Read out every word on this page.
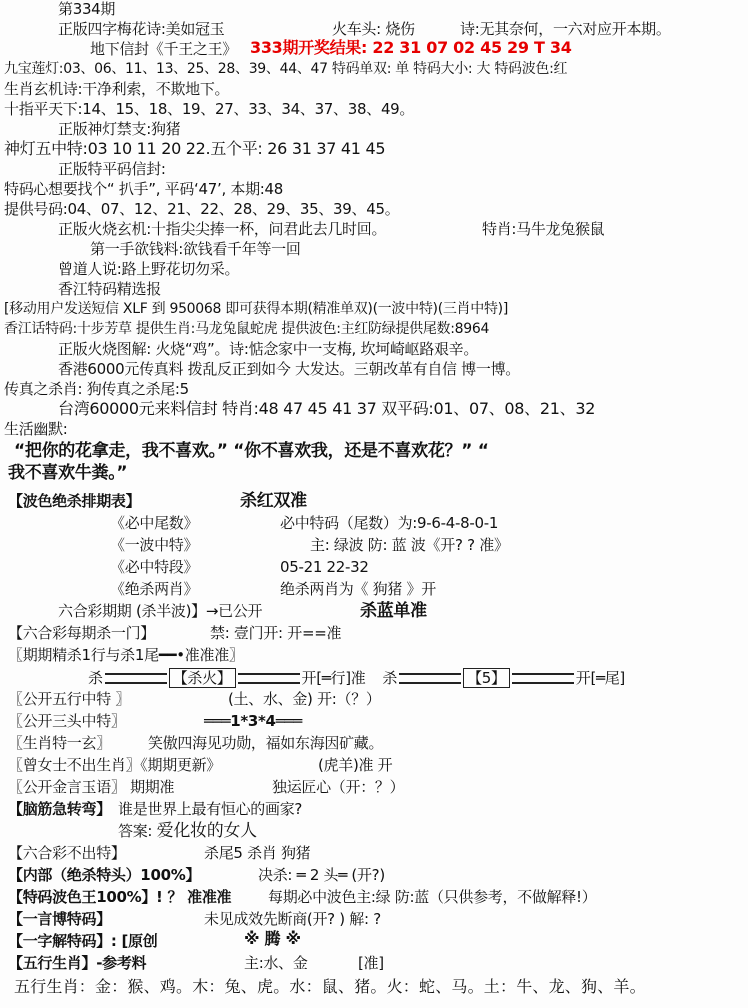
第334期
正版四字梅花诗:美如冠玉	火车头: 烧伤	诗:无其奈何，一六对应开本期。
地下信封《千王之王》 333期开奖结果: 22 31 07 02 45 29 T 34
九宝莲灯:03、06、11、13、25、28、39、44、47 特码单双: 单 特码大小: 大 特码波色:红
生肖玄机诗:干净利索，不欺地下。
十指平天下:14、15、18、19、27、33、34、37、38、49。
正版神灯禁支:狗猪
神灯五中特:03 10 11 20 22.五个平: 26 31 37 41 45
正版特平码信封:
特码心想要找个“ 扒手”, 平码‘47’, 本期:48
提供号码:04、07、12、21、22、28、29、35、39、45。
正版火烧玄机:十指尖尖捧一杯，问君此去几时回。	特肖:马牛龙兔猴鼠
第一手欲钱料:欲钱看千年等一回
曾道人说:路上野花切勿采。
香江特码精选报
[移动用户发送短信 XLF 到 950068 即可获得本期(精准单双)(一波中特)(三肖中特)]
香江话特码:十步芳草 提供生肖:马龙兔鼠蛇虎 提供波色:主红防绿提供尾数:8964
正版火烧图解: 火烧“鸡”。诗:惦念家中一支梅, 坎坷崎岖路艰辛。
香港6000元传真料 拨乱反正到如今 大发达。三朝改革有自信 博一博。
传真之杀肖: 狗传真之杀尾:5
台湾60000元来料信封 特肖:48 47 45 41 37 双平码:01、07、08、21、32
生活幽默:
“把你的花拿走，我不喜欢。” “你不喜欢我，还是不喜欢花？” “
我不喜欢牛粪。”
【波色绝杀排期表】	杀红双准
《必中尾数》	必中特码（尾数）为:9-6-4-8-0-1
《一波中特》	主: 绿波 防: 蓝 波《开? ? 准》
《必中特段》	05-21 22-32
《绝杀两肖》	绝杀两肖为《 狗猪 》开
六合彩期期 (杀半波)】→已公开	杀蓝单准
【六合彩每期杀一门】	禁: 壹门开: 开==准
〖期期精杀1行与杀1尾━━•准准准〗
杀	【杀火】	开[═行]准 杀	【5】	开[═尾]
〖公开五行中特 〗	(土、水、金) 开:（？）
〖公开三头中特〗	═══1*3*4═══
〖生肖特一玄〗 笑傲四海见功勋，福如东海因矿藏。
〖曾女士不出生肖〗《期期更新》	(虎羊)准 开
〖公开金言玉语〗 期期准	独运匠心（开：？）
【脑筋急转弯】 谁是世界上最有恒心的画家?
答案: 爱化妆的女人
【六合彩不出特】	杀尾5 杀肖 狗猪
【内部（绝杀特头）100%】	决杀: ═ 2 头═ (开?)
【特码波色王100%】! ？ 准准准 每期必中波色主:绿 防:蓝（只供参考，不做解释!）
【一言博特码】	未见成效先断商(开? ) 解: ?
【一字解特码】: [原创	※ 腾 ※
【五行生肖】-参考料	主:水、金	[准]
五行生肖：金：猴、鸡。木：兔、虎。水：鼠、猪。火：蛇、马。土：牛、龙、狗、羊。
